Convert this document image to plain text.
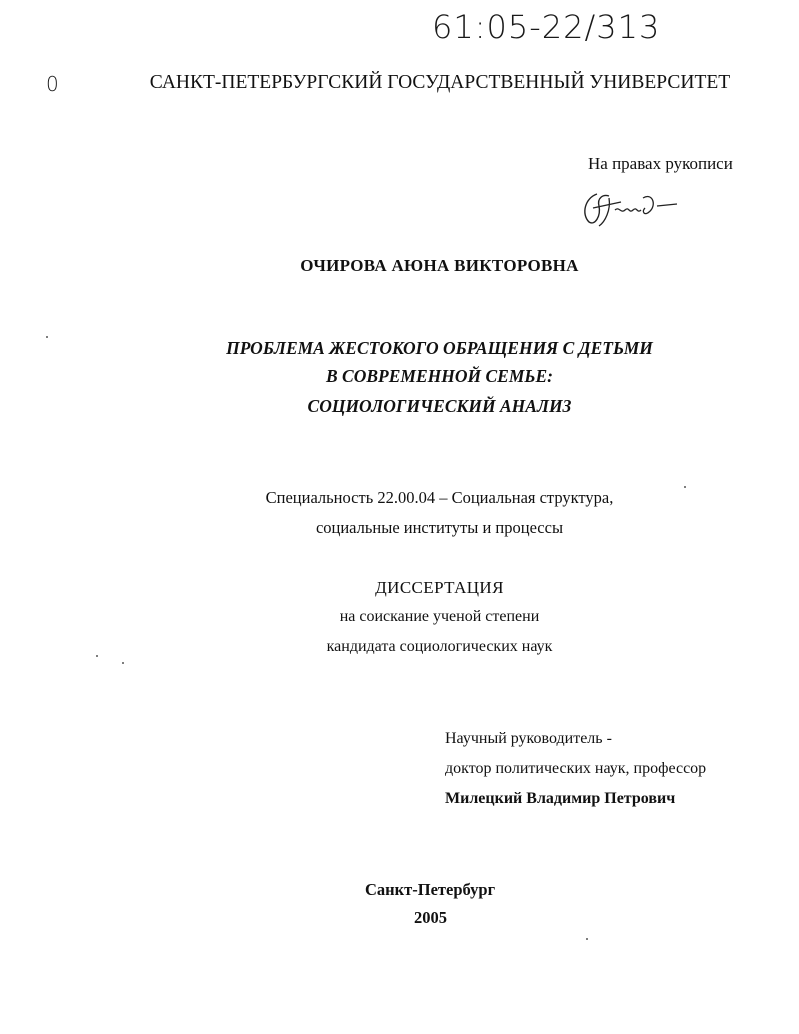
61:05-22/313
0	САНКТ-ПЕТЕРБУРГСКИЙ ГОСУДАРСТВЕННЫЙ УНИВЕРСИТЕТ
На правах рукописи
ОЧИРОВА АЮНА ВИКТОРОВНА
ПРОБЛЕМА ЖЕСТОКОГО ОБРАЩЕНИЯ С ДЕТЬМИ
В СОВРЕМЕННОЙ СЕМЬЕ:
СОЦИОЛОГИЧЕСКИЙ АНАЛИЗ
Специальность 22.00.04 – Социальная структура,
социальные институты и процессы
ДИССЕРТАЦИЯ
на соискание ученой степени
кандидата социологических наук
Научный руководитель -
доктор политических наук, профессор
Милецкий Владимир Петрович
Санкт-Петербург
2005
